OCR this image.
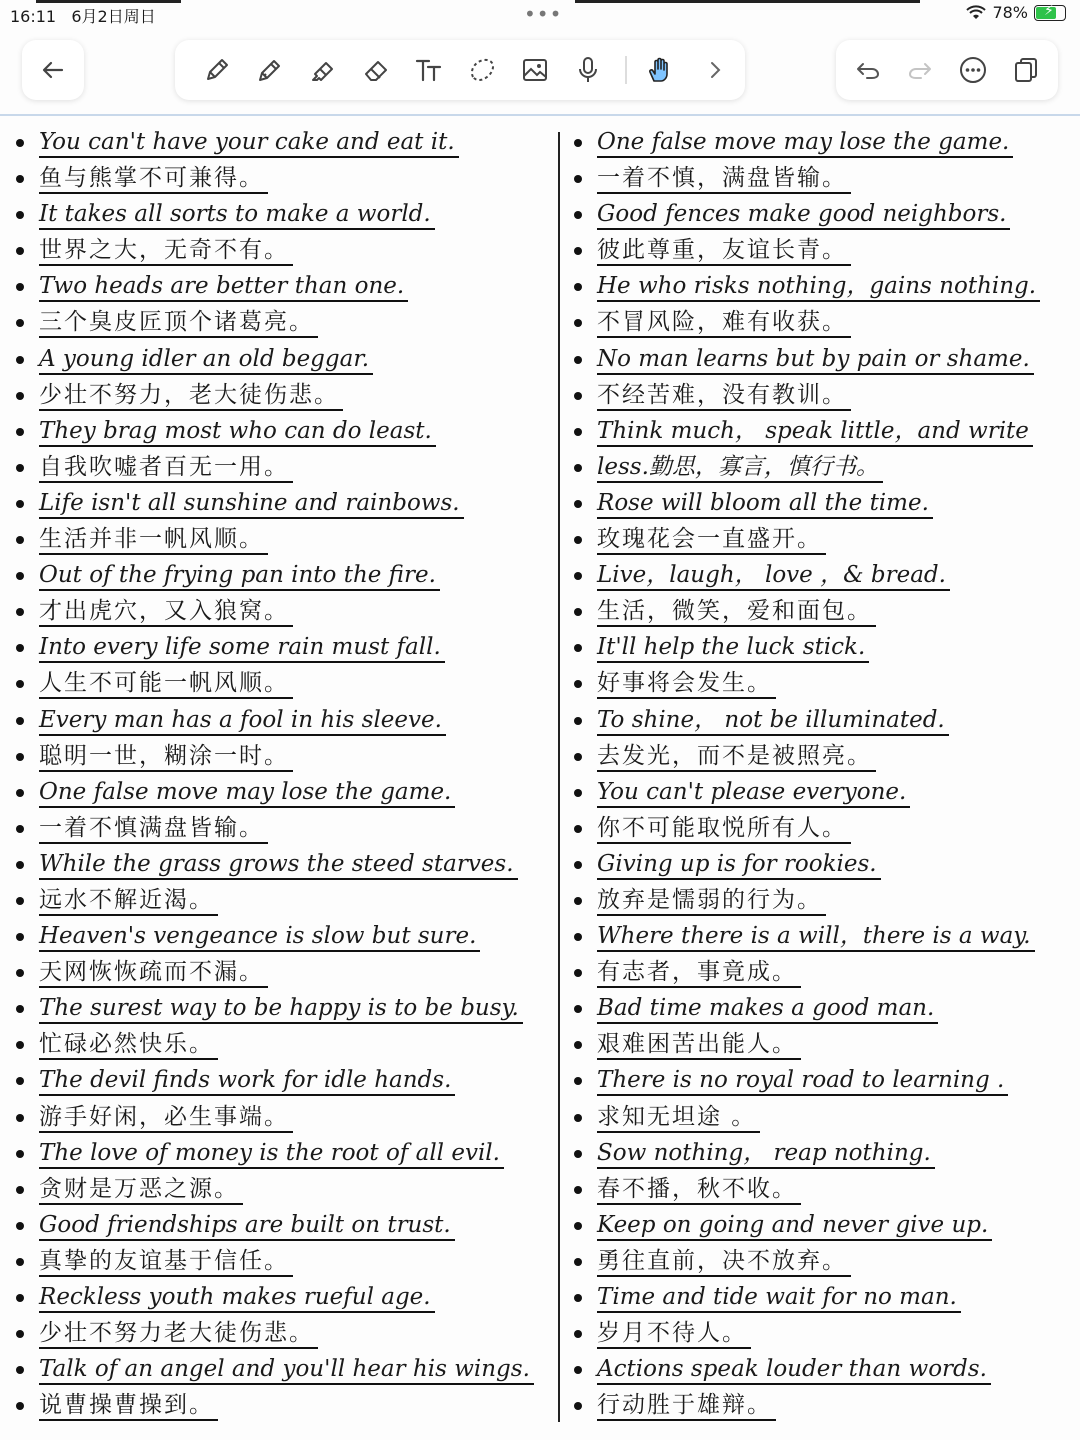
16:11 6月2日周日	•••	78% ⚡
You can't have your cake and eat it.
鱼与熊掌不可兼得。
It takes all sorts to make a world.
世界之大，无奇不有。
Two heads are better than one.
三个臭皮匠顶个诸葛亮。
A young idler an old beggar.
少壮不努力，老大徒伤悲。
They brag most who can do least.
自我吹嘘者百无一用。
Life isn't all sunshine and rainbows.
生活并非一帆风顺。
Out of the frying pan into the fire.
才出虎穴，又入狼窝。
Into every life some rain must fall.
人生不可能一帆风顺。
Every man has a fool in his sleeve.
聪明一世，糊涂一时。
One false move may lose the game.
一着不慎满盘皆输。
While the grass grows the steed starves.
远水不解近渴。
Heaven's vengeance is slow but sure.
天网恢恢疏而不漏。
The surest way to be happy is to be busy.
忙碌必然快乐。
The devil finds work for idle hands.
游手好闲，必生事端。
The love of money is the root of all evil.
贪财是万恶之源。
Good friendships are built on trust.
真挚的友谊基于信任。
Reckless youth makes rueful age.
少壮不努力老大徒伤悲。
Talk of an angel and you'll hear his wings.
说曹操曹操到。
One false move may lose the game.
一着不慎，满盘皆输。
Good fences make good neighbors.
彼此尊重，友谊长青。
He who risks nothing，gains nothing.
不冒风险，难有收获。
No man learns but by pain or shame.
不经苦难，没有教训。
Think much， speak little，and write
less.勤思，寡言，慎行书。
Rose will bloom all the time.
玫瑰花会一直盛开。
Live，laugh， love ，& bread.
生活，微笑，爱和面包。
It'll help the luck stick.
好事将会发生。
To shine， not be illuminated.
去发光，而不是被照亮。
You can't please everyone.
你不可能取悦所有人。
Giving up is for rookies.
放弃是懦弱的行为。
Where there is a will，there is a way.
有志者，事竟成。
Bad time makes a good man.
艰难困苦出能人。
There is no royal road to learning .
求知无坦途 。
Sow nothing， reap nothing.
春不播，秋不收。
Keep on going and never give up.
勇往直前，决不放弃。
Time and tide wait for no man.
岁月不待人。
Actions speak louder than words.
行动胜于雄辩。
